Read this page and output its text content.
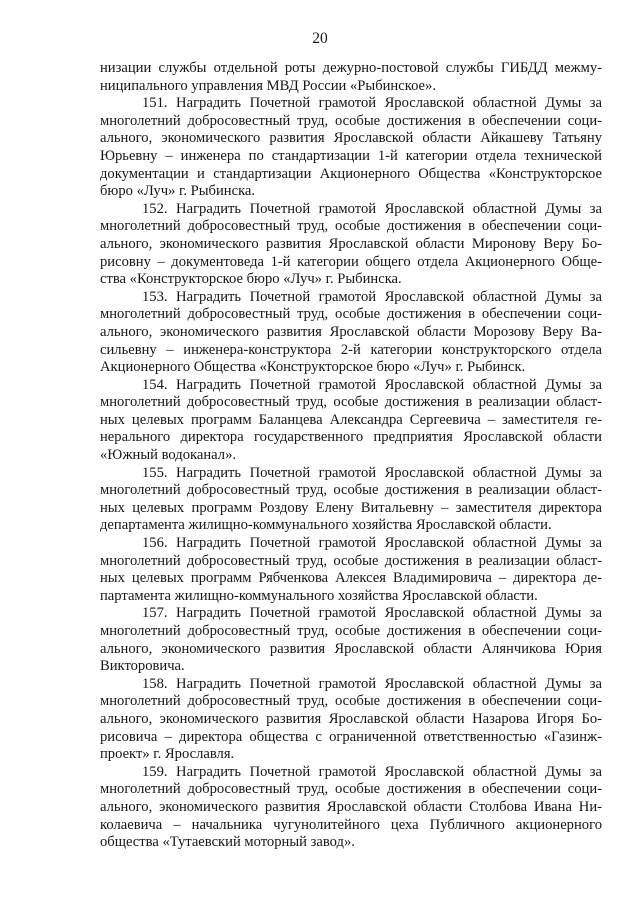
20
низации службы отдельной роты дежурно-постовой службы ГИБДД межму-
ниципального управления МВД России «Рыбинское».
151. Наградить Почетной грамотой Ярославской областной Думы за
многолетний добросовестный труд, особые достижения в обеспечении соци-
ального, экономического развития Ярославской области Айкашеву Татьяну
Юрьевну – инженера по стандартизации 1-й категории отдела технической
документации и стандартизации Акционерного Общества «Конструкторское
бюро «Луч» г. Рыбинска.
152. Наградить Почетной грамотой Ярославской областной Думы за
многолетний добросовестный труд, особые достижения в обеспечении соци-
ального, экономического развития Ярославской области Миронову Веру Бо-
рисовну – документоведа 1-й категории общего отдела Акционерного Обще-
ства «Конструкторское бюро «Луч» г. Рыбинска.
153. Наградить Почетной грамотой Ярославской областной Думы за
многолетний добросовестный труд, особые достижения в обеспечении соци-
ального, экономического развития Ярославской области Морозову Веру Ва-
сильевну – инженера-конструктора 2-й категории конструкторского отдела
Акционерного Общества «Конструкторское бюро «Луч» г. Рыбинск.
154. Наградить Почетной грамотой Ярославской областной Думы за
многолетний добросовестный труд, особые достижения в реализации област-
ных целевых программ Баланцева Александра Сергеевича – заместителя ге-
нерального директора государственного предприятия Ярославской области
«Южный водоканал».
155. Наградить Почетной грамотой Ярославской областной Думы за
многолетний добросовестный труд, особые достижения в реализации област-
ных целевых программ Роздову Елену Витальевну – заместителя директора
департамента жилищно-коммунального хозяйства Ярославской области.
156. Наградить Почетной грамотой Ярославской областной Думы за
многолетний добросовестный труд, особые достижения в реализации област-
ных целевых программ Рябченкова Алексея Владимировича – директора де-
партамента жилищно-коммунального хозяйства Ярославской области.
157. Наградить Почетной грамотой Ярославской областной Думы за
многолетний добросовестный труд, особые достижения в обеспечении соци-
ального, экономического развития Ярославской области Алянчикова Юрия
Викторовича.
158. Наградить Почетной грамотой Ярославской областной Думы за
многолетний добросовестный труд, особые достижения в обеспечении соци-
ального, экономического развития Ярославской области Назарова Игоря Бо-
рисовича – директора общества с ограниченной ответственностью «Газинж-
проект» г. Ярославля.
159. Наградить Почетной грамотой Ярославской областной Думы за
многолетний добросовестный труд, особые достижения в обеспечении соци-
ального, экономического развития Ярославской области Столбова Ивана Ни-
колаевича – начальника чугунолитейного цеха Публичного акционерного
общества «Тутаевский моторный завод».
